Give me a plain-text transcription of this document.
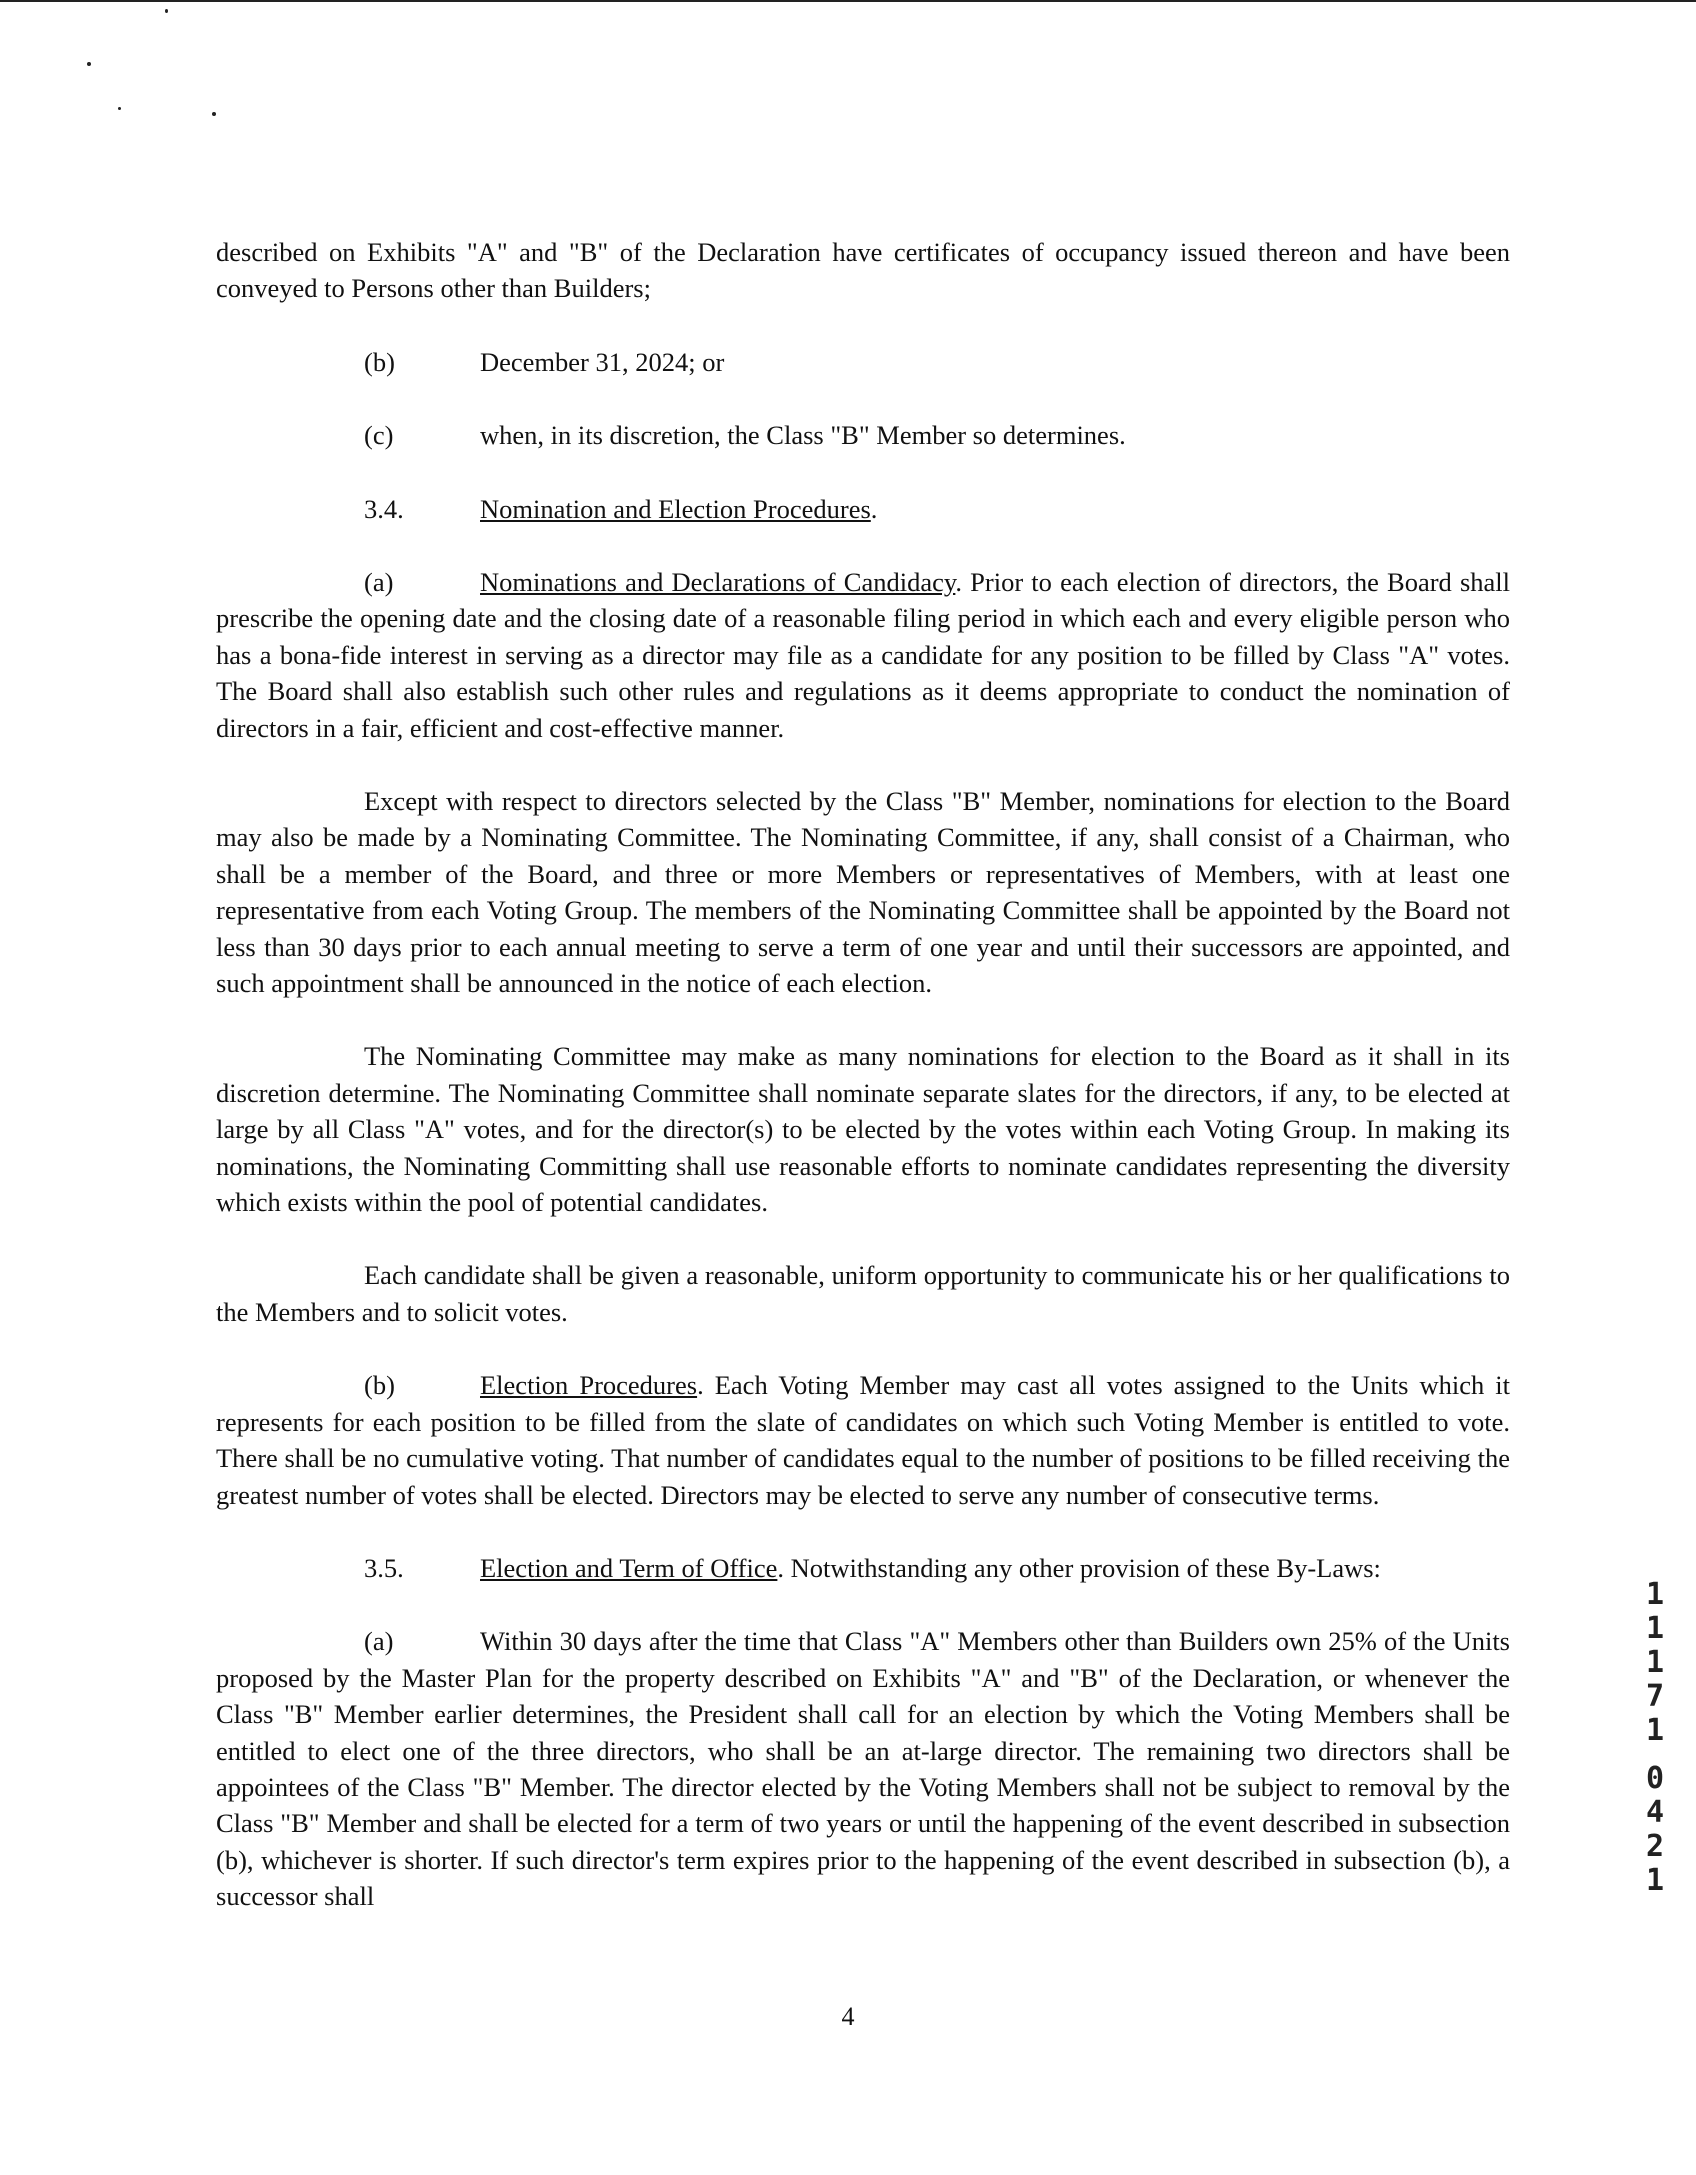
described on Exhibits "A" and "B" of the Declaration have certificates of occupancy issued thereon and have been conveyed to Persons other than Builders;

(b)	December 31, 2024; or
(c)	when, in its discretion, the Class "B" Member so determines.
3.4.	Nomination and Election Procedures.

(a)	Nominations and Declarations of Candidacy. Prior to each election of directors, the Board shall prescribe the opening date and the closing date of a reasonable filing period in which each and every eligible person who has a bona-fide interest in serving as a director may file as a candidate for any position to be filled by Class "A" votes. The Board shall also establish such other rules and regulations as it deems appropriate to conduct the nomination of directors in a fair, efficient and cost-effective manner.

Except with respect to directors selected by the Class "B" Member, nominations for election to the Board may also be made by a Nominating Committee. The Nominating Committee, if any, shall consist of a Chairman, who shall be a member of the Board, and three or more Members or representatives of Members, with at least one representative from each Voting Group. The members of the Nominating Committee shall be appointed by the Board not less than 30 days prior to each annual meeting to serve a term of one year and until their successors are appointed, and such appointment shall be announced in the notice of each election.

The Nominating Committee may make as many nominations for election to the Board as it shall in its discretion determine. The Nominating Committee shall nominate separate slates for the directors, if any, to be elected at large by all Class "A" votes, and for the director(s) to be elected by the votes within each Voting Group. In making its nominations, the Nominating Committing shall use reasonable efforts to nominate candidates representing the diversity which exists within the pool of potential candidates.

Each candidate shall be given a reasonable, uniform opportunity to communicate his or her qualifications to the Members and to solicit votes.

(b)	Election Procedures. Each Voting Member may cast all votes assigned to the Units which it represents for each position to be filled from the slate of candidates on which such Voting Member is entitled to vote. There shall be no cumulative voting. That number of candidates equal to the number of positions to be filled receiving the greatest number of votes shall be elected. Directors may be elected to serve any number of consecutive terms.

3.5.	Election and Term of Office. Notwithstanding any other provision of these By-Laws:

(a)	Within 30 days after the time that Class "A" Members other than Builders own 25% of the Units proposed by the Master Plan for the property described on Exhibits "A" and "B" of the Declaration, or whenever the Class "B" Member earlier determines, the President shall call for an election by which the Voting Members shall be entitled to elect one of the three directors, who shall be an at-large director. The remaining two directors shall be appointees of the Class "B" Member. The director elected by the Voting Members shall not be subject to removal by the Class "B" Member and shall be elected for a term of two years or until the happening of the event described in subsection (b), whichever is shorter. If such director's term expires prior to the happening of the event described in subsection (b), a successor shall

4
1
1
1
7
1
0
4
2
1
